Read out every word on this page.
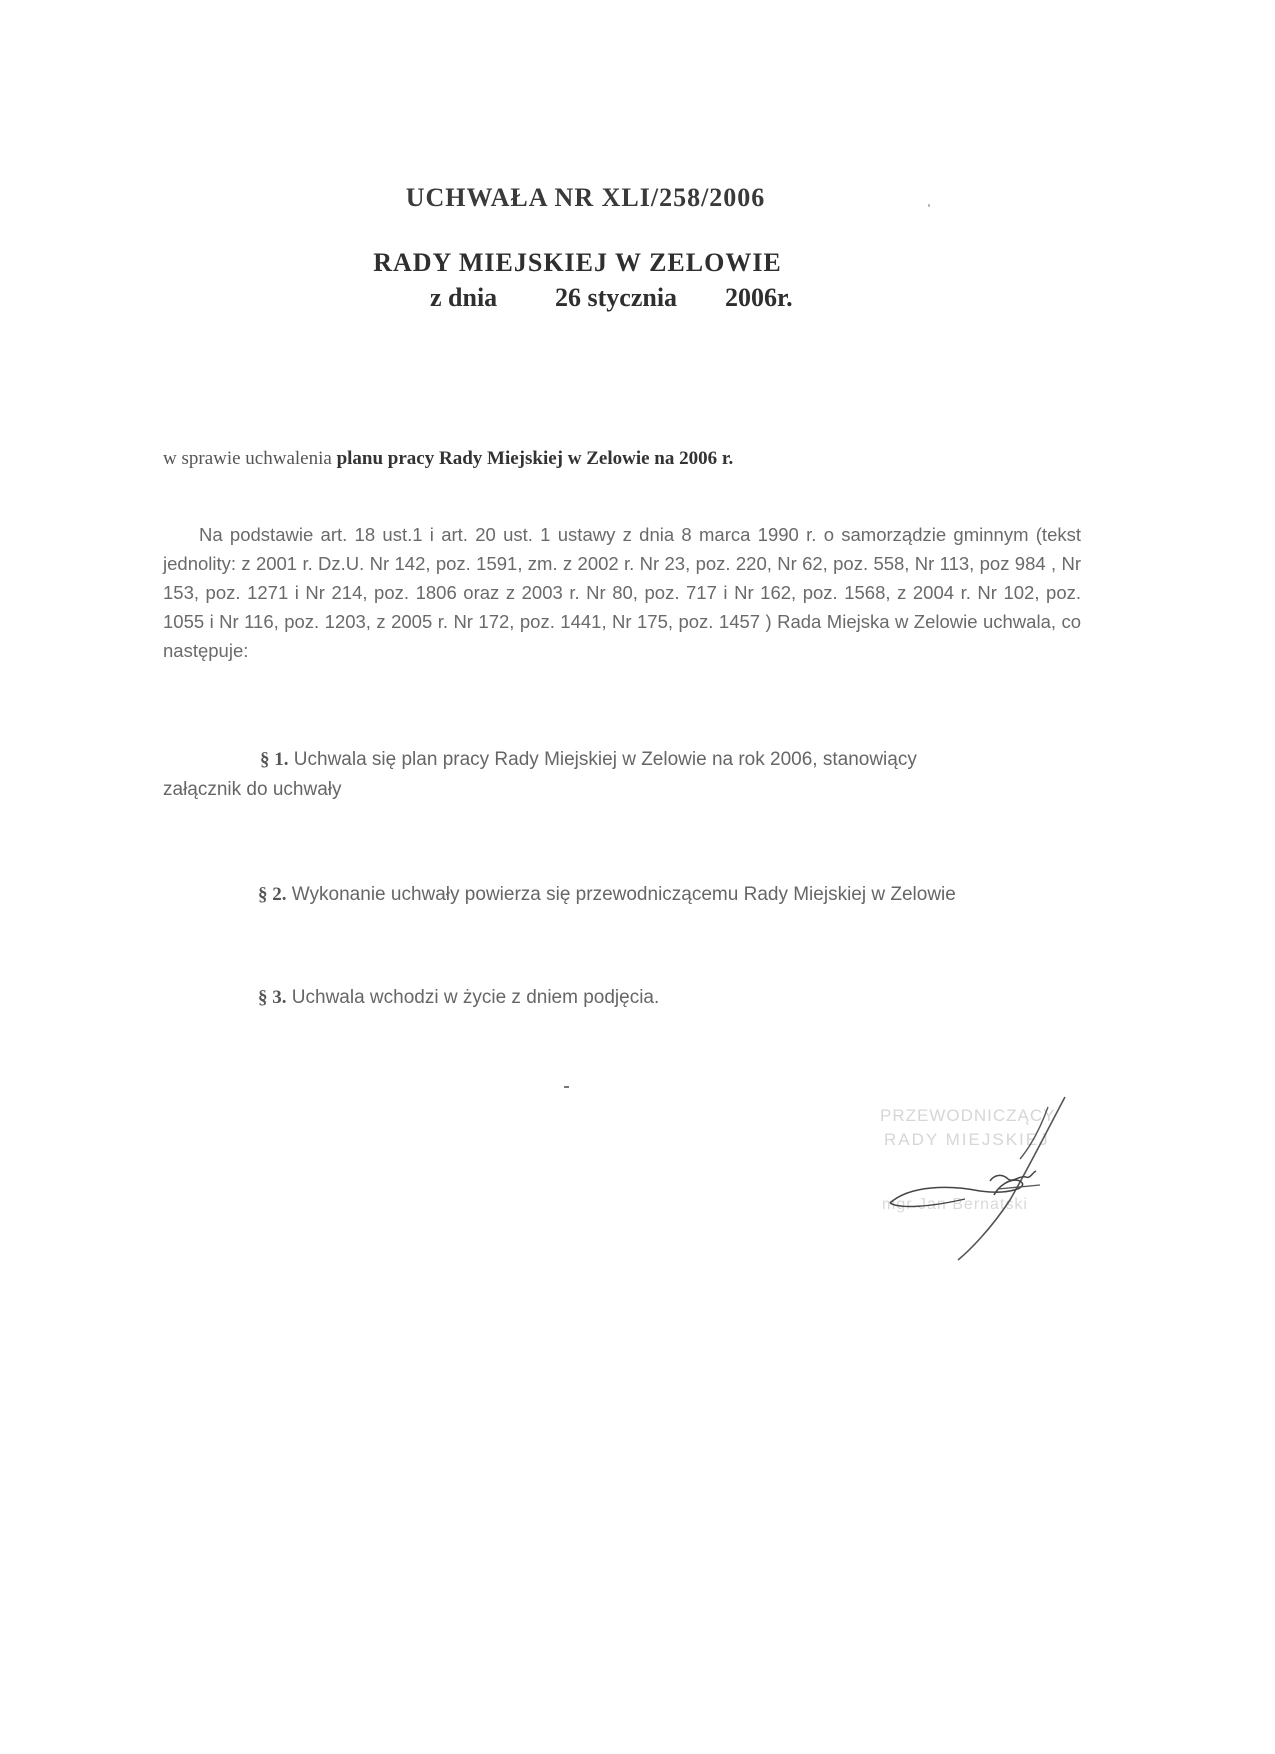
UCHWAŁA NR XLI/258/2006
RADY MIEJSKIEJ W ZELOWIE
z dnia 26 stycznia 2006r.
w sprawie uchwalenia planu pracy Rady Miejskiej w Zelowie na 2006 r.

Na podstawie art. 18 ust.1 i art. 20 ust. 1 ustawy z dnia 8 marca 1990 r. o samorządzie gminnym (tekst jednolity: z 2001 r. Dz.U. Nr 142, poz. 1591, zm. z 2002 r. Nr 23, poz. 220, Nr 62, poz. 558, Nr 113, poz 984 , Nr 153, poz. 1271 i Nr 214, poz. 1806 oraz z 2003 r. Nr 80, poz. 717 i Nr 162, poz. 1568, z 2004 r. Nr 102, poz. 1055 i Nr 116, poz. 1203, z 2005 r. Nr 172, poz. 1441, Nr 175, poz. 1457 ) Rada Miejska w Zelowie uchwala, co następuje:

§ 1. Uchwala się plan pracy Rady Miejskiej w Zelowie na rok 2006, stanowiący
załącznik do uchwały
§ 2. Wykonanie uchwały powierza się przewodniczącemu Rady Miejskiej w Zelowie
§ 3. Uchwala wchodzi w życie z dniem podjęcia.
PRZEWODNICZĄCY
RADY MIEJSKIEJ
mgr Jan Bernatski
